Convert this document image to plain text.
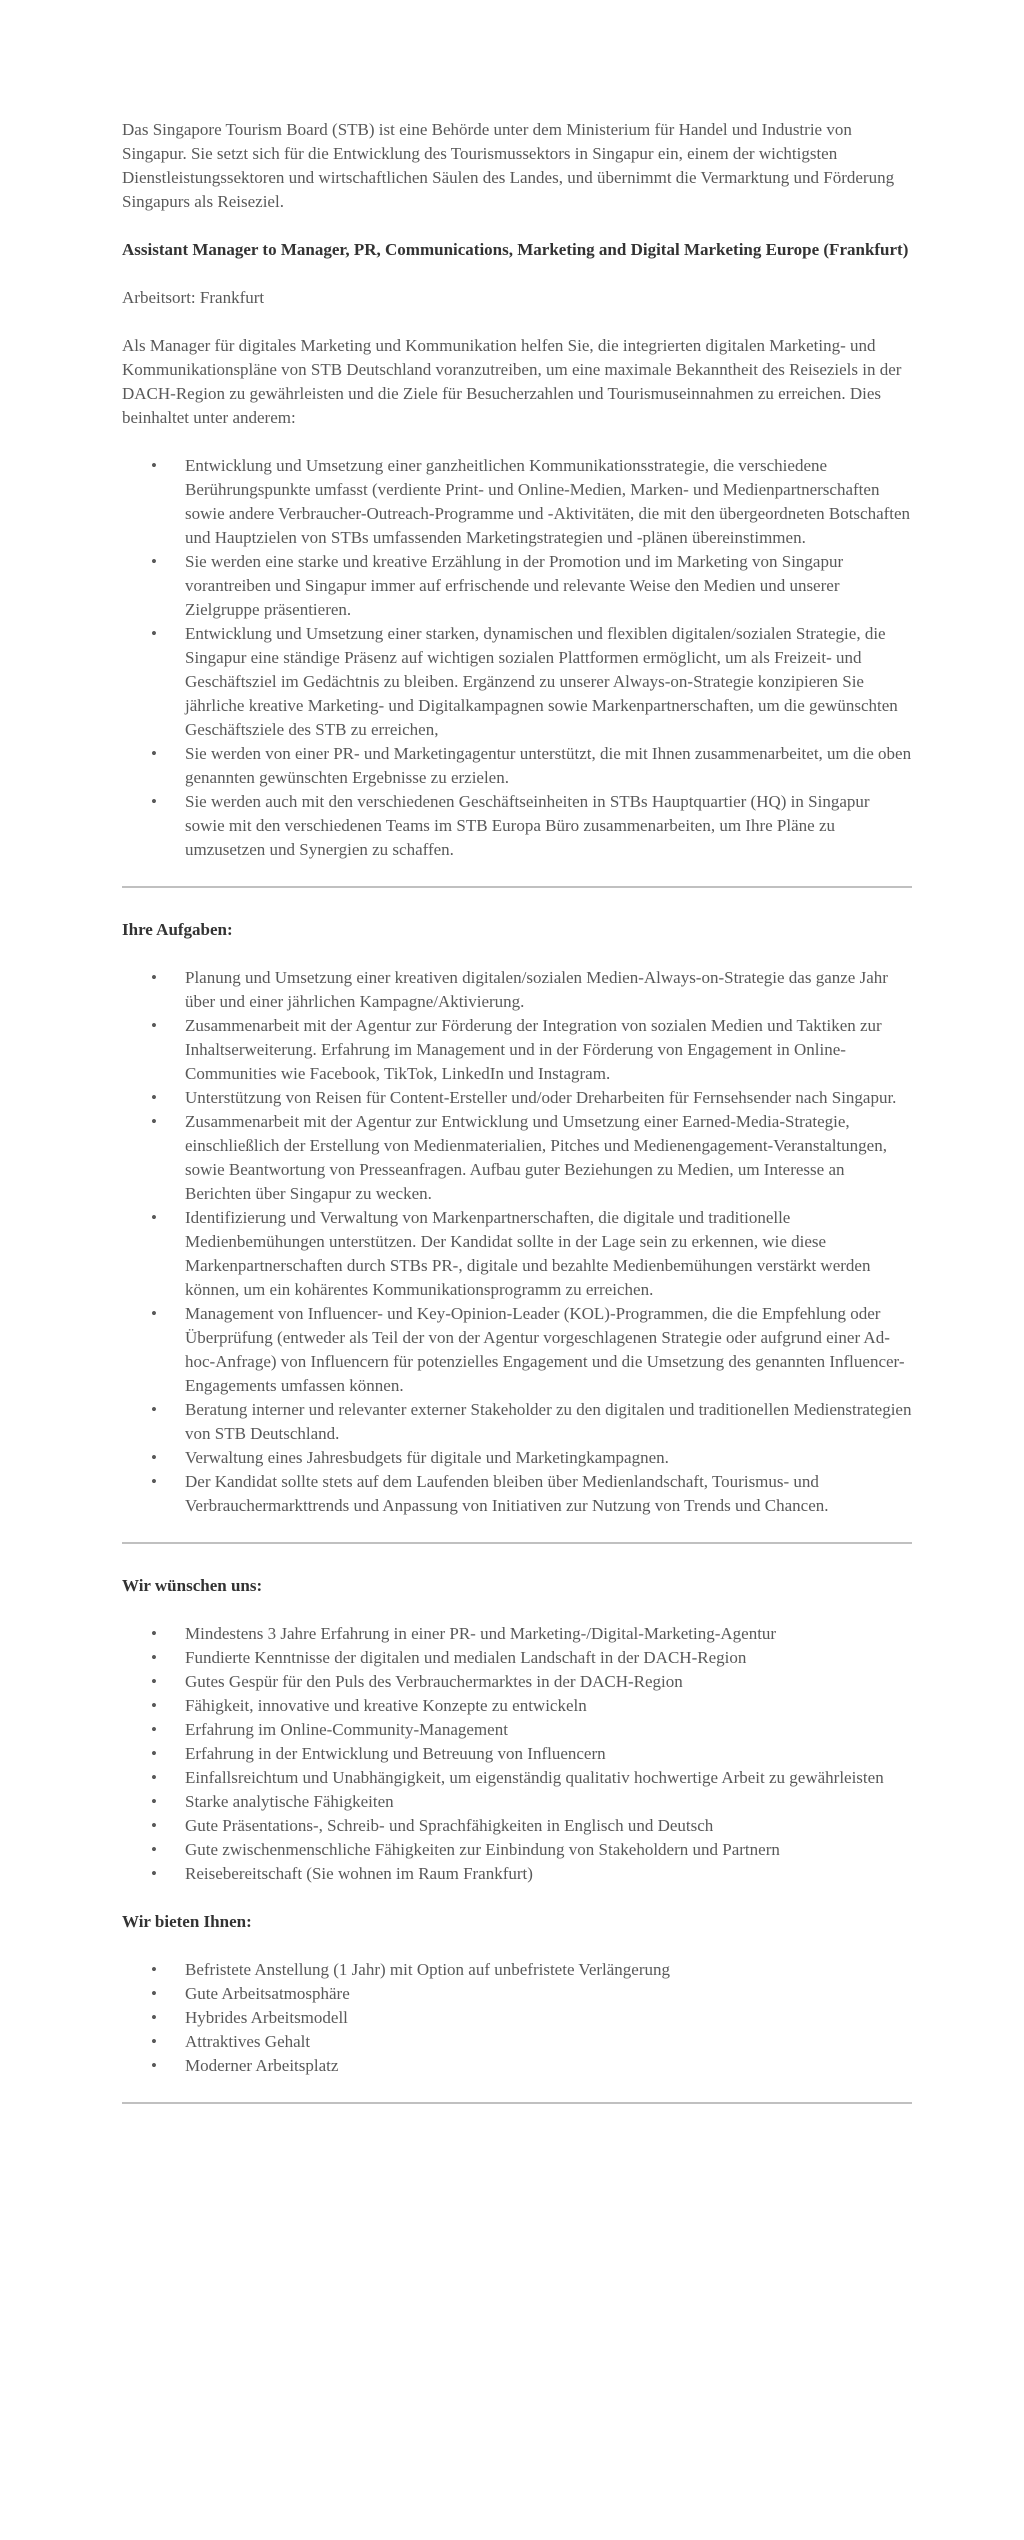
Das Singapore Tourism Board (STB) ist eine Behörde unter dem Ministerium für Handel und Industrie von Singapur. Sie setzt sich für die Entwicklung des Tourismussektors in Singapur ein, einem der wichtigsten Dienstleistungssektoren und wirtschaftlichen Säulen des Landes, und übernimmt die Vermarktung und Förderung Singapurs als Reiseziel.

Assistant Manager to Manager, PR, Communications, Marketing and Digital Marketing Europe (Frankfurt)

Arbeitsort: Frankfurt

Als Manager für digitales Marketing und Kommunikation helfen Sie, die integrierten digitalen Marketing- und Kommunikationspläne von STB Deutschland voranzutreiben, um eine maximale Bekanntheit des Reiseziels in der DACH-Region zu gewährleisten und die Ziele für Besucherzahlen und Tourismuseinnahmen zu erreichen. Dies beinhaltet unter anderem:

• Entwicklung und Umsetzung einer ganzheitlichen Kommunikationsstrategie, die verschiedene Berührungspunkte umfasst (verdiente Print- und Online-Medien, Marken- und Medienpartnerschaften sowie andere Verbraucher-Outreach-Programme und -Aktivitäten, die mit den übergeordneten Botschaften und Hauptzielen von STBs umfassenden Marketingstrategien und -plänen übereinstimmen.
• Sie werden eine starke und kreative Erzählung in der Promotion und im Marketing von Singapur vorantreiben und Singapur immer auf erfrischende und relevante Weise den Medien und unserer Zielgruppe präsentieren.
• Entwicklung und Umsetzung einer starken, dynamischen und flexiblen digitalen/sozialen Strategie, die Singapur eine ständige Präsenz auf wichtigen sozialen Plattformen ermöglicht, um als Freizeit- und Geschäftsziel im Gedächtnis zu bleiben. Ergänzend zu unserer Always-on-Strategie konzipieren Sie jährliche kreative Marketing- und Digitalkampagnen sowie Markenpartnerschaften, um die gewünschten Geschäftsziele des STB zu erreichen,
• Sie werden von einer PR- und Marketingagentur unterstützt, die mit Ihnen zusammenarbeitet, um die oben genannten gewünschten Ergebnisse zu erzielen.
• Sie werden auch mit den verschiedenen Geschäftseinheiten in STBs Hauptquartier (HQ) in Singapur sowie mit den verschiedenen Teams im STB Europa Büro zusammenarbeiten, um Ihre Pläne zu umzusetzen und Synergien zu schaffen.

Ihre Aufgaben:

• Planung und Umsetzung einer kreativen digitalen/sozialen Medien-Always-on-Strategie das ganze Jahr über und einer jährlichen Kampagne/Aktivierung.
• Zusammenarbeit mit der Agentur zur Förderung der Integration von sozialen Medien und Taktiken zur Inhaltserweiterung. Erfahrung im Management und in der Förderung von Engagement in Online-Communities wie Facebook, TikTok, LinkedIn und Instagram.
• Unterstützung von Reisen für Content-Ersteller und/oder Dreharbeiten für Fernsehsender nach Singapur.
• Zusammenarbeit mit der Agentur zur Entwicklung und Umsetzung einer Earned-Media-Strategie, einschließlich der Erstellung von Medienmaterialien, Pitches und Medienengagement-Veranstaltungen, sowie Beantwortung von Presseanfragen. Aufbau guter Beziehungen zu Medien, um Interesse an Berichten über Singapur zu wecken.
• Identifizierung und Verwaltung von Markenpartnerschaften, die digitale und traditionelle Medienbemühungen unterstützen. Der Kandidat sollte in der Lage sein zu erkennen, wie diese Markenpartnerschaften durch STBs PR-, digitale und bezahlte Medienbemühungen verstärkt werden können, um ein kohärentes Kommunikationsprogramm zu erreichen.
• Management von Influencer- und Key-Opinion-Leader (KOL)-Programmen, die die Empfehlung oder Überprüfung (entweder als Teil der von der Agentur vorgeschlagenen Strategie oder aufgrund einer Ad-hoc-Anfrage) von Influencern für potenzielles Engagement und die Umsetzung des genannten Influencer-Engagements umfassen können.
• Beratung interner und relevanter externer Stakeholder zu den digitalen und traditionellen Medienstrategien von STB Deutschland.
• Verwaltung eines Jahresbudgets für digitale und Marketingkampagnen.
• Der Kandidat sollte stets auf dem Laufenden bleiben über Medienlandschaft, Tourismus- und Verbrauchermarkttrends und Anpassung von Initiativen zur Nutzung von Trends und Chancen.

Wir wünschen uns:

• Mindestens 3 Jahre Erfahrung in einer PR- und Marketing-/Digital-Marketing-Agentur
• Fundierte Kenntnisse der digitalen und medialen Landschaft in der DACH-Region
• Gutes Gespür für den Puls des Verbrauchermarktes in der DACH-Region
• Fähigkeit, innovative und kreative Konzepte zu entwickeln
• Erfahrung im Online-Community-Management
• Erfahrung in der Entwicklung und Betreuung von Influencern
• Einfallsreichtum und Unabhängigkeit, um eigenständig qualitativ hochwertige Arbeit zu gewährleisten
• Starke analytische Fähigkeiten
• Gute Präsentations-, Schreib- und Sprachfähigkeiten in Englisch und Deutsch
• Gute zwischenmenschliche Fähigkeiten zur Einbindung von Stakeholdern und Partnern
• Reisebereitschaft (Sie wohnen im Raum Frankfurt)

Wir bieten Ihnen:

• Befristete Anstellung (1 Jahr) mit Option auf unbefristete Verlängerung
• Gute Arbeitsatmosphäre
• Hybrides Arbeitsmodell
• Attraktives Gehalt
• Moderner Arbeitsplatz
